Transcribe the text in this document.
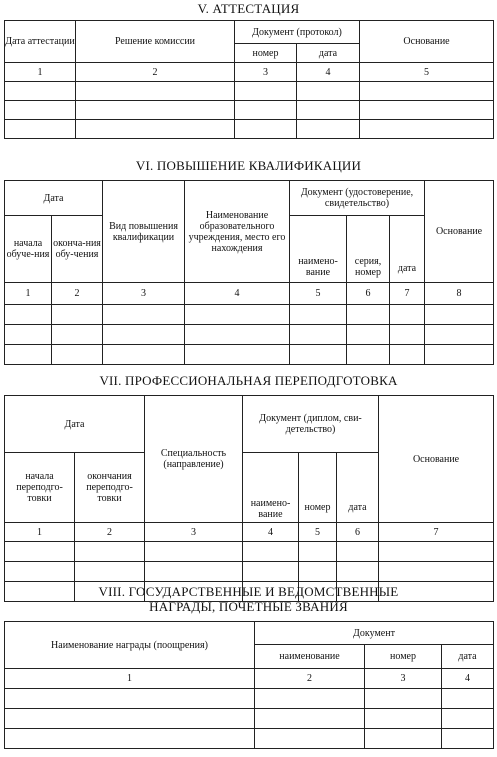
V. АТТЕСТАЦИЯ
Дата аттестации	Решение комиссии	Документ (протокол)		Основание
		номер	дата	
1	2	3	4	5

VI. ПОВЫШЕНИЕ КВАЛИФИКАЦИИ
Дата		Вид повышения квалификации	Наименование образовательного учреждения, место его нахождения	Документ (удостоверение, свидетельство)			Основание
начала обуче-ния	оконча-ния обу-чения			наимено-вание	серия, номер	дата	
1	2	3	4	5	6	7	8

VII. ПРОФЕССИОНАЛЬНАЯ ПЕРЕПОДГОТОВКА
Дата		Специальность (направление)	Документ (диплом, сви-детельство)			Основание
начала переподго-товки	окончания переподго-товки		наимено-вание	номер	дата	
1	2	3	4	5	6	7

VIII. ГОСУДАРСТВЕННЫЕ И ВЕДОМСТВЕННЫЕ НАГРАДЫ, ПОЧЕТНЫЕ ЗВАНИЯ
Наименование награды (поощрения)	Документ		
	наименование	номер	дата
1	2	3	4
